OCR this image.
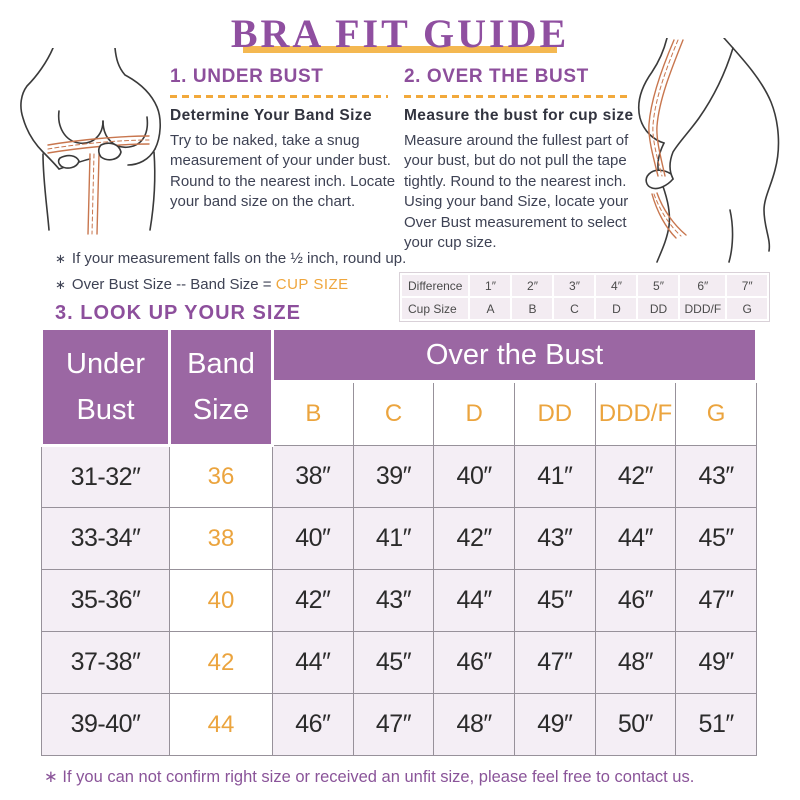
BRA FIT GUIDE
1. UNDER BUST
Determine Your Band Size
Try to be naked, take a snug measurement of your under bust. Round to the nearest inch. Locate your band size on the chart.
2. OVER THE BUST
Measure the bust for cup size
Measure around the fullest part of your bust, but do not pull the tape tightly. Round to the nearest inch. Using your band Size, locate your Over Bust measurement to select your cup size.
∗ If your measurement falls on the ½ inch, round up.
∗ Over Bust Size -- Band Size = CUP SIZE
3. LOOK UP YOUR SIZE
Difference	1″	2″	3″	4″	5″	6″	7″
Cup Size	A	B	C	D	DD	DDD/F	G
Under Bust	Band Size	Over the Bust					
		B	C	D	DD	DDD/F	G
31-32″	36	38″	39″	40″	41″	42″	43″
33-34″	38	40″	41″	42″	43″	44″	45″
35-36″	40	42″	43″	44″	45″	46″	47″
37-38″	42	44″	45″	46″	47″	48″	49″
39-40″	44	46″	47″	48″	49″	50″	51″
∗ If you can not confirm right size or received an unfit size, please feel free to contact us.
